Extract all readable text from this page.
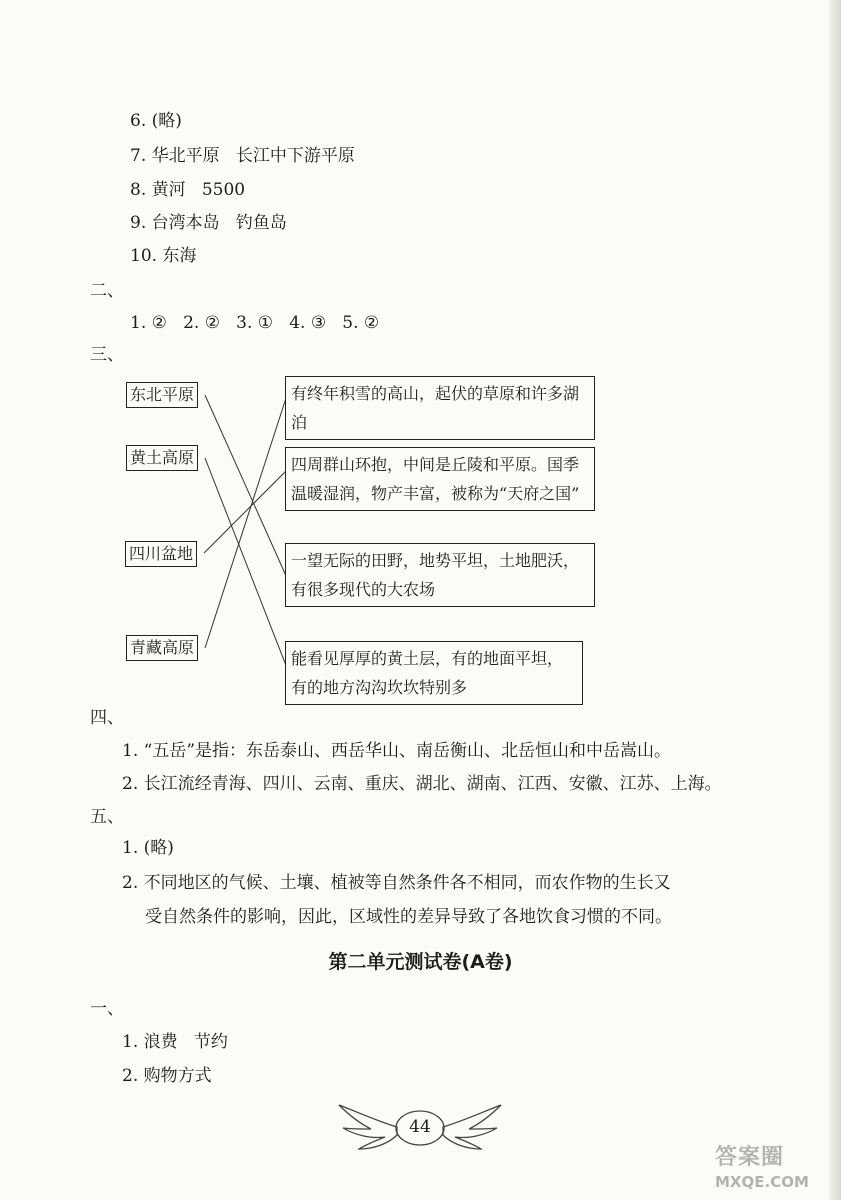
6. (略)
7. 华北平原   长江中下游平原
8. 黄河   5500
9. 台湾本岛   钓鱼岛
10. 东海
二、
1. ②   2. ②   3. ①   4. ③   5. ②
三、
东北平原
黄土高原
四川盆地
青藏高原
有终年积雪的高山，起伏的草原和许多湖泊
四周群山环抱，中间是丘陵和平原。国季温暖湿润，物产丰富，被称为“天府之国”
一望无际的田野，地势平坦，土地肥沃，有很多现代的大农场
能看见厚厚的黄土层，有的地面平坦，有的地方沟沟坎坎特别多
四、
1. “五岳”是指：东岳泰山、西岳华山、南岳衡山、北岳恒山和中岳嵩山。
2. 长江流经青海、四川、云南、重庆、湖北、湖南、江西、安徽、江苏、上海。
五、
1. (略)
2. 不同地区的气候、土壤、植被等自然条件各不相同，而农作物的生长又
受自然条件的影响，因此，区域性的差异导致了各地饮食习惯的不同。
第二单元测试卷(A卷)
一、
1. 浪费   节约
2. 购物方式
44
答案圈
MXQE.COM
